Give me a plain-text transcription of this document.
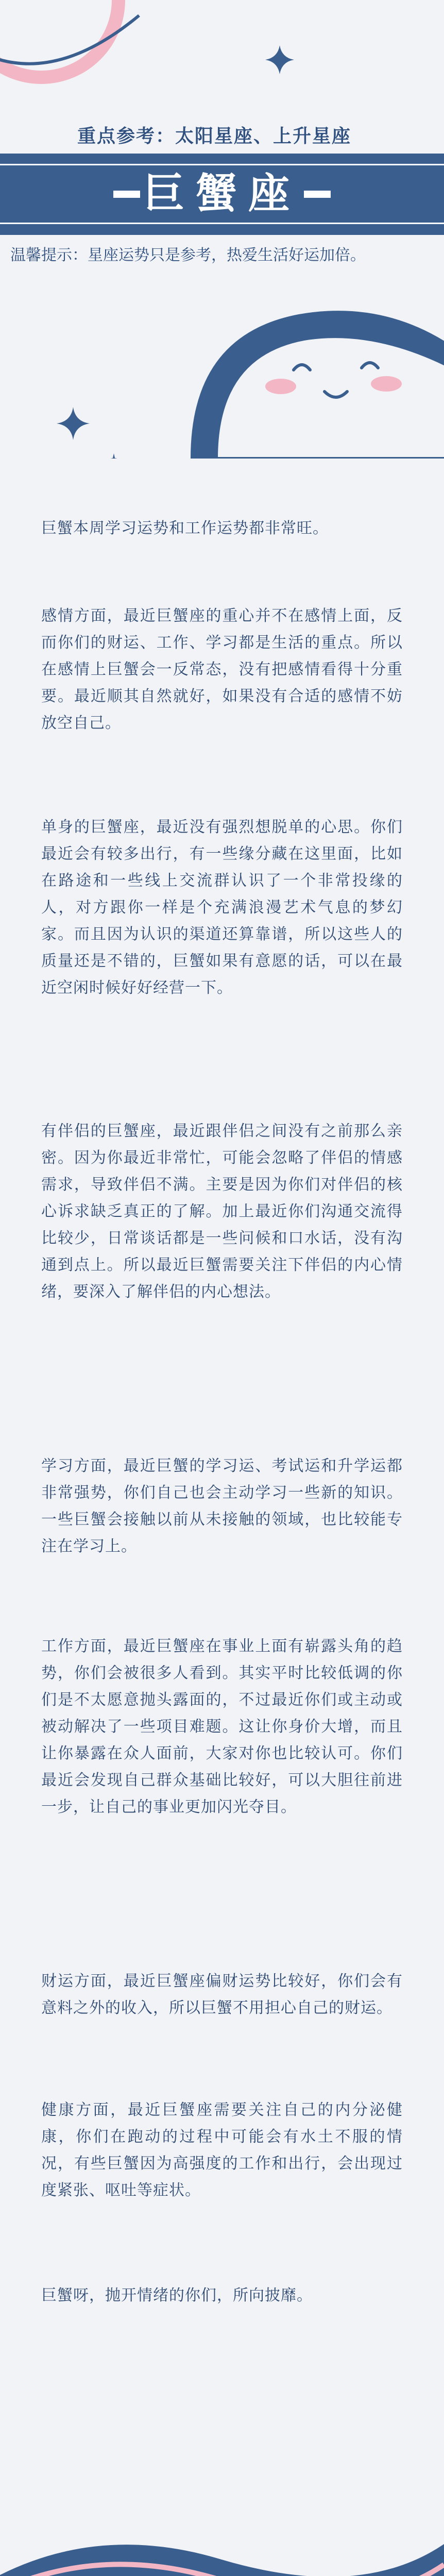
重点参考：太阳星座、上升星座
巨蟹座
温馨提示：星座运势只是参考，热爱生活好运加倍。

巨蟹本周学习运势和工作运势都非常旺。

感情方面，最近巨蟹座的重心并不在感情上面，反而你们的财运、工作、学习都是生活的重点。所以在感情上巨蟹会一反常态，没有把感情看得十分重要。最近顺其自然就好，如果没有合适的感情不妨放空自己。

单身的巨蟹座，最近没有强烈想脱单的心思。你们最近会有较多出行，有一些缘分藏在这里面，比如在路途和一些线上交流群认识了一个非常投缘的人，对方跟你一样是个充满浪漫艺术气息的梦幻家。而且因为认识的渠道还算靠谱，所以这些人的质量还是不错的，巨蟹如果有意愿的话，可以在最近空闲时候好好经营一下。

有伴侣的巨蟹座，最近跟伴侣之间没有之前那么亲密。因为你最近非常忙，可能会忽略了伴侣的情感需求，导致伴侣不满。主要是因为你们对伴侣的核心诉求缺乏真正的了解。加上最近你们沟通交流得比较少，日常谈话都是一些问候和口水话，没有沟通到点上。所以最近巨蟹需要关注下伴侣的内心情绪，要深入了解伴侣的内心想法。

学习方面，最近巨蟹的学习运、考试运和升学运都非常强势，你们自己也会主动学习一些新的知识。一些巨蟹会接触以前从未接触的领域，也比较能专注在学习上。

工作方面，最近巨蟹座在事业上面有崭露头角的趋势，你们会被很多人看到。其实平时比较低调的你们是不太愿意抛头露面的，不过最近你们或主动或被动解决了一些项目难题。这让你身价大增，而且让你暴露在众人面前，大家对你也比较认可。你们最近会发现自己群众基础比较好，可以大胆往前进一步，让自己的事业更加闪光夺目。

财运方面，最近巨蟹座偏财运势比较好，你们会有意料之外的收入，所以巨蟹不用担心自己的财运。

健康方面，最近巨蟹座需要关注自己的内分泌健康，你们在跑动的过程中可能会有水土不服的情况，有些巨蟹因为高强度的工作和出行，会出现过度紧张、呕吐等症状。

巨蟹呀，抛开情绪的你们，所向披靡。
